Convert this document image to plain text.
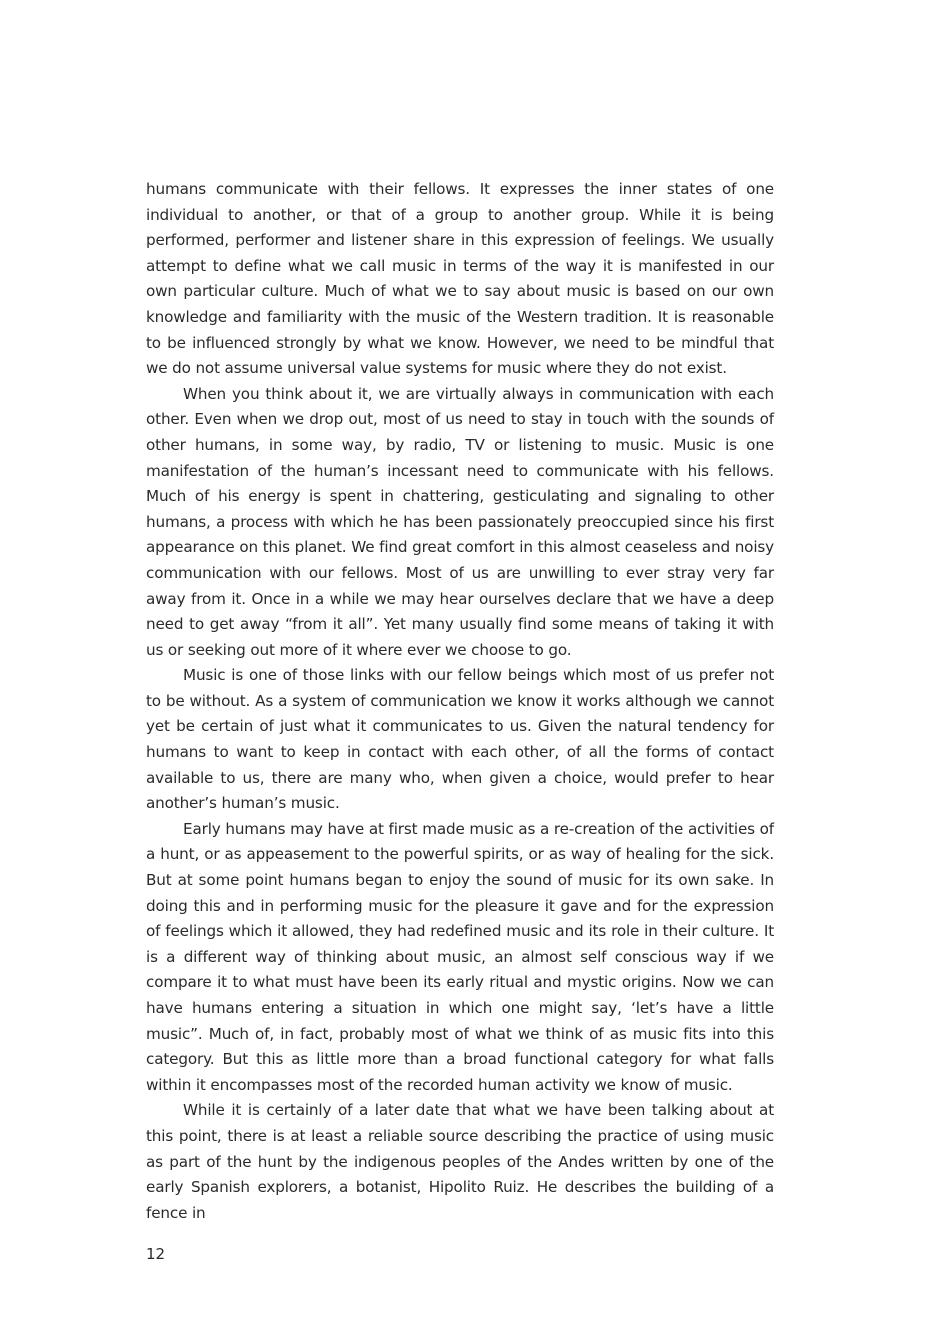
humans communicate with their fellows. It expresses the inner states of one individual to another, or that of a group to another group. While it is being performed, performer and listener share in this expression of feelings. We usually attempt to define what we call music in terms of the way it is manifested in our own particular culture. Much of what we to say about music is based on our own knowledge and familiarity with the music of the Western tradition. It is reasonable to be influenced strongly by what we know. However, we need to be mindful that we do not assume universal value systems for music where they do not exist.

When you think about it, we are virtually always in communication with each other. Even when we drop out, most of us need to stay in touch with the sounds of other humans, in some way, by radio, TV or listening to music. Music is one manifestation of the human’s incessant need to communicate with his fellows. Much of his energy is spent in chattering, gesticulating and signaling to other humans, a process with which he has been passionately preoccupied since his first appearance on this planet. We find great comfort in this almost ceaseless and noisy communication with our fellows. Most of us are unwilling to ever stray very far away from it. Once in a while we may hear ourselves declare that we have a deep need to get away “from it all”. Yet many usually find some means of taking it with us or seeking out more of it where ever we choose to go.

Music is one of those links with our fellow beings which most of us prefer not to be without. As a system of communication we know it works although we cannot yet be certain of just what it communicates to us. Given the natural tendency for humans to want to keep in contact with each other, of all the forms of contact available to us, there are many who, when given a choice, would prefer to hear another’s human’s music.

Early humans may have at first made music as a re-creation of the activities of a hunt, or as appeasement to the powerful spirits, or as way of healing for the sick. But at some point humans began to enjoy the sound of music for its own sake. In doing this and in performing music for the pleasure it gave and for the expression of feelings which it allowed, they had redefined music and its role in their culture. It is a different way of thinking about music, an almost self conscious way if we compare it to what must have been its early ritual and mystic origins. Now we can have humans entering a situation in which one might say, ‘let’s have a little music”. Much of, in fact, probably most of what we think of as music fits into this category. But this as little more than a broad functional category for what falls within it encompasses most of the recorded human activity we know of music.

While it is certainly of a later date that what we have been talking about at this point, there is at least a reliable source describing the practice of using music as part of the hunt by the indigenous peoples of the Andes written by one of the early Spanish explorers, a botanist, Hipolito Ruiz. He describes the building of a fence in

12
